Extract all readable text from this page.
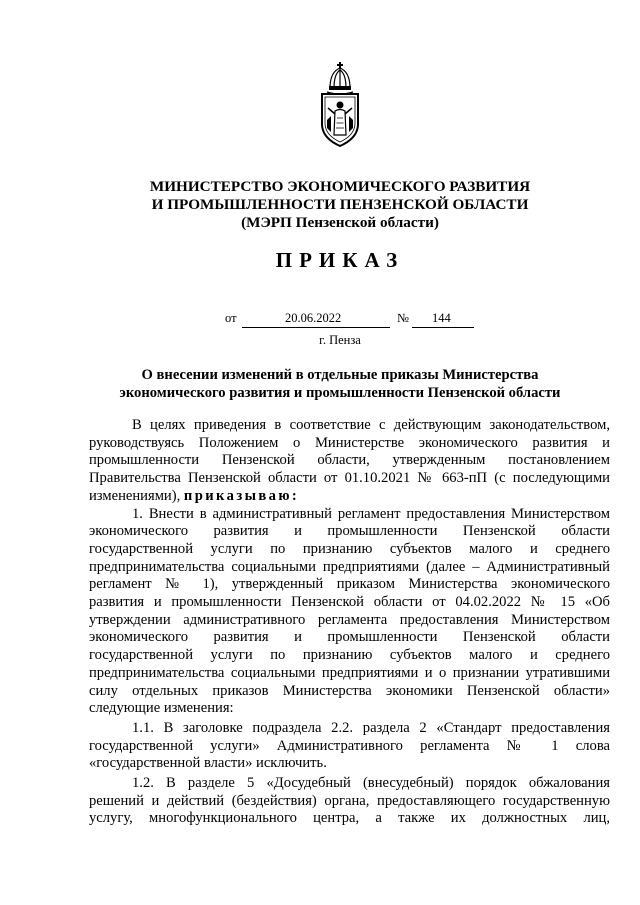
МИНИСТЕРСТВО ЭКОНОМИЧЕСКОГО РАЗВИТИЯ
И ПРОМЫШЛЕННОСТИ ПЕНЗЕНСКОЙ ОБЛАСТИ
(МЭРП Пензенской области)
ПРИКАЗ
от	20.06.2022	№ 144
г. Пенза
О внесении изменений в отдельные приказы Министерства
экономического развития и промышленности Пензенской области

В целях приведения в соответствие с действующим законодательством,

руководствуясь Положением о Министерстве экономического развития и

промышленности Пензенской области, утвержденным постановлением

Правительства Пензенской области от 01.10.2021 № 663-пП (с последующими

изменениями), приказываю:

1. Внести в административный регламент предоставления Министерством

экономического развития и промышленности Пензенской области

государственной услуги по признанию субъектов малого и среднего

предпринимательства социальными предприятиями (далее – Административный

регламент № 1), утвержденный приказом Министерства экономического

развития и промышленности Пензенской области от 04.02.2022 № 15 «Об

утверждении административного регламента предоставления Министерством

экономического развития и промышленности Пензенской области

государственной услуги по признанию субъектов малого и среднего

предпринимательства социальными предприятиями и о признании утратившими

силу отдельных приказов Министерства экономики Пензенской области»

следующие изменения:

1.1. В заголовке подраздела 2.2. раздела 2 «Стандарт предоставления

государственной услуги» Административного регламента № 1 слова

«государственной власти» исключить.

1.2. В разделе 5 «Досудебный (внесудебный) порядок обжалования

решений и действий (бездействия) органа, предоставляющего государственную

услугу, многофункционального центра, а также их должностных лиц,
